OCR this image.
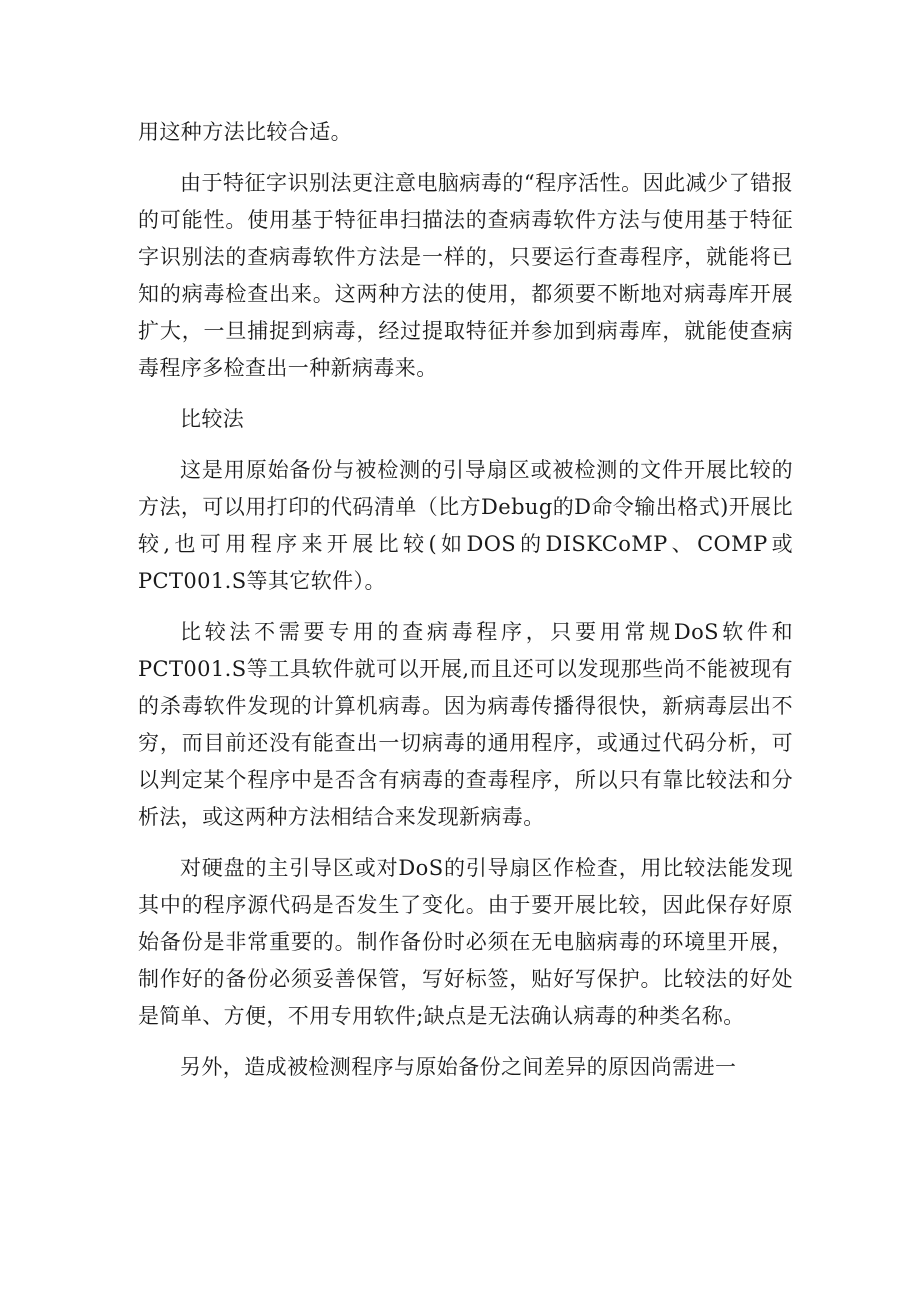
用这种方法比较合适。

由于特征字识别法更注意电脑病毒的“程序活性。因此减少了错报的可能性。使用基于特征串扫描法的查病毒软件方法与使用基于特征字识别法的查病毒软件方法是一样的，只要运行查毒程序，就能将已知的病毒检查出来。这两种方法的使用，都须要不断地对病毒库开展扩大，一旦捕捉到病毒，经过提取特征并参加到病毒库，就能使查病毒程序多检查出一种新病毒来。

比较法

这是用原始备份与被检测的引导扇区或被检测的文件开展比较的方法，可以用打印的代码清单（比方Debug的D命令输出格式)开展比较,也可用程序来开展比较(如DOS的DISKCoMP、COMP或PCT001.S等其它软件）。

比较法不需要专用的查病毒程序，只要用常规DoS软件和PCT001.S等工具软件就可以开展,而且还可以发现那些尚不能被现有的杀毒软件发现的计算机病毒。因为病毒传播得很快，新病毒层出不穷，而目前还没有能查出一切病毒的通用程序，或通过代码分析，可以判定某个程序中是否含有病毒的查毒程序，所以只有靠比较法和分析法，或这两种方法相结合来发现新病毒。

对硬盘的主引导区或对DoS的引导扇区作检查，用比较法能发现其中的程序源代码是否发生了变化。由于要开展比较，因此保存好原始备份是非常重要的。制作备份时必须在无电脑病毒的环境里开展，制作好的备份必须妥善保管，写好标签，贴好写保护。比较法的好处是简单、方便，不用专用软件;缺点是无法确认病毒的种类名称。

另外，造成被检测程序与原始备份之间差异的原因尚需进一
